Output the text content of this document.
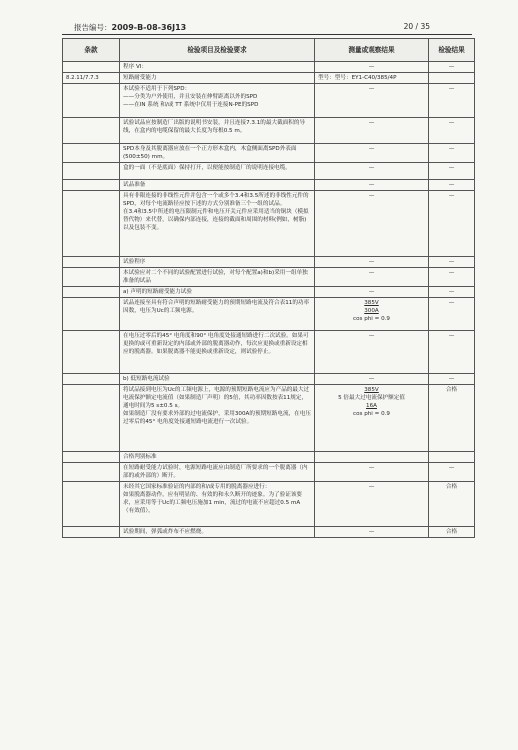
报告编号：2009-B-08-36J13	20 / 35
条款	检验项目及检验要求	测量或观察结果	检验结果

	程序 VI：	—	—
8.2.11/7.7.3	短路耐受能力	型号：型号：EY1-C40/385/4P	

	本试验不适用于下列SPD：
——分类为户外使用，并且安装在伸臂距离以外的SPD
——在IN 系统 和/或 TT 系统中仅用于连接N-PE的SPD	—	—

	试验试品应按制造厂出版的说明书安装，并且连接7.3.1的最大截面积的导线，在盒内的电缆保留的最大长度为每根0.5 m。	—	—

	SPD本身及其脱离器应放在一个正方形木盒内，木盒侧面离SPD外表面(500±50) mm。	—	—

	盒的一面（不是底面）保持打开，以便能按制造厂的说明连接电缆。	—	—

	试品准备	—	—

	具有非限连接的非线性元件并包含一个或多个3.4和3.5所述的非线性元件的SPD，对每个电流路径应按下述的方式分别准备三个一组的试品。
在3.4和3.5中所述的电压限制元件和电压开关元件应采用适当的铜块（模拟替代物）来代替，以确保内部连接，连接的截面和周围的材料(例如，树脂)以及包装不变。	—	—

	试验程序	—	—

	本试验应对二个不同的试验配置进行试验，对每个配置a)和b)采用一组单独准备的试品	—	—

	a) 声明的短路耐受能力试验	—	—

	试品连接至具有符合声明的短路耐受能力的预期短路电流及符合表11的功率因数，电压为Uc的工频电源。	385V
300A
cos phi = 0.9	—

	在电压过零后的45° 电角度和90° 电角度处接通短路进行二次试验。如果可更换的或可重新设定的内部或外部的脱离器动作，每次应更换或重新设定相应的脱离器。如果脱离器不能更换或重新设定，则试验停止。	—	—

	b) 低短路电流试验	—	—

	将试品接到电压为Uc的工频电源上，电源的预期短路电流应为产品的最大过电流保护额定电流值（如果制造厂声明）的5倍，其功率因数按表11规定，通电时间为5 s±0.5 s。
如果制造厂没有要求外部的过电流保护，采用300A的预期短路电流，在电压过零后的45° 电角度处接通短路电流进行一次试验。	385V
5 倍最大过电流保护额定值
16A
cos phi = 0.9	合格

	合格判别标准		

	在短路耐受能力试验时，电源短路电流应由制造厂所要求的一个脱离器（内部的或外部的）断开。	—	—

	未经其它国家标准验证的内部的和/或专用的脱离器应进行：
如果脱离器动作，应有明显的、有效的和永久断开的迹象。为了验证该要求，应采用等于Uc的工频电压施加1 min，流过的电流不应超过0.5 mA（有效值）。	—	合格

	试验期间，弹弧或炸布不应燃烧。	—	合格
